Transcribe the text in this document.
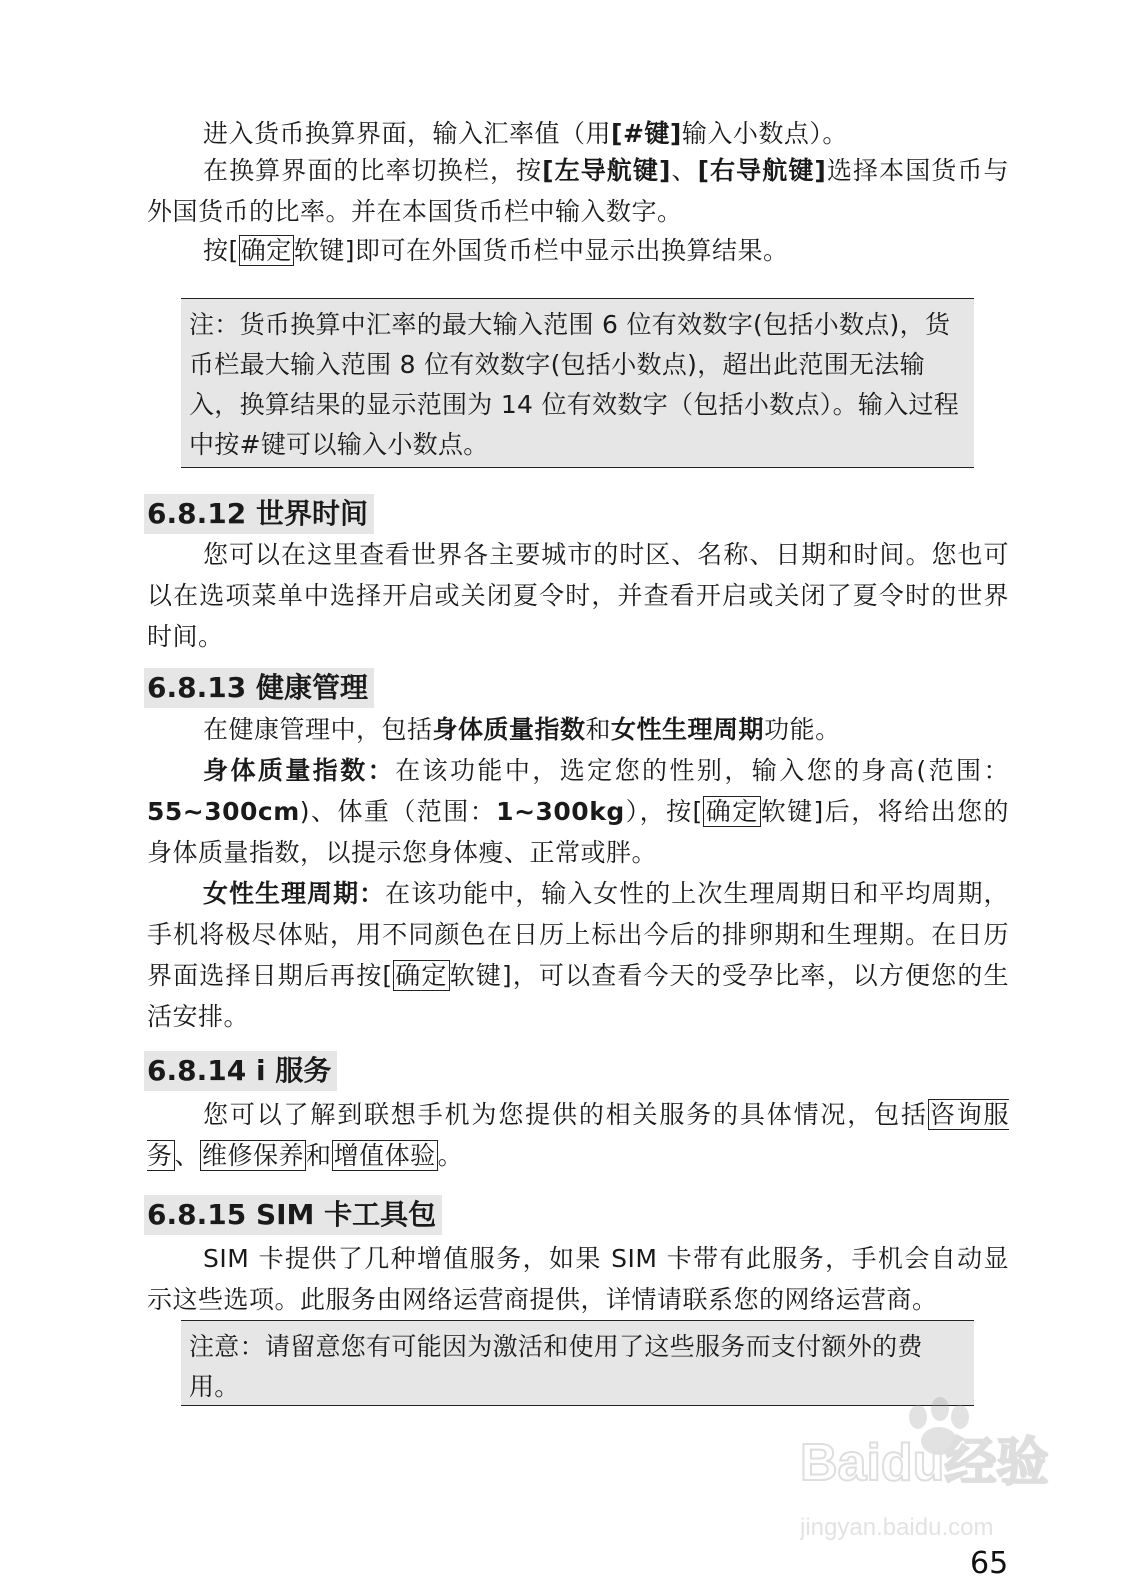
进入货币换算界面，输入汇率值（用[#键]输入小数点）。

在换算界面的比率切换栏，按[左导航键]、[右导航键]选择本国货币与外国货币的比率。并在本国货币栏中输入数字。

按[确定软键]即可在外国货币栏中显示出换算结果。

注：货币换算中汇率的最大输入范围 6 位有效数字(包括小数点)，货币栏最大输入范围 8 位有效数字(包括小数点)，超出此范围无法输入，换算结果的显示范围为 14 位有效数字（包括小数点）。输入过程中按#键可以输入小数点。
6.8.12 世界时间

您可以在这里查看世界各主要城市的时区、名称、日期和时间。您也可以在选项菜单中选择开启或关闭夏令时，并查看开启或关闭了夏令时的世界时间。

6.8.13 健康管理

在健康管理中，包括身体质量指数和女性生理周期功能。

身体质量指数：在该功能中，选定您的性别，输入您的身高(范围：55~300cm)、体重（范围：1~300kg），按[确定软键]后，将给出您的身体质量指数，以提示您身体瘦、正常或胖。

女性生理周期：在该功能中，输入女性的上次生理周期日和平均周期，手机将极尽体贴，用不同颜色在日历上标出今后的排卵期和生理期。在日历界面选择日期后再按[确定软键]，可以查看今天的受孕比率，以方便您的生活安排。

6.8.14 i 服务

您可以了解到联想手机为您提供的相关服务的具体情况，包括咨询服务、维修保养和增值体验。

6.8.15 SIM 卡工具包

SIM 卡提供了几种增值服务，如果 SIM 卡带有此服务，手机会自动显示这些选项。此服务由网络运营商提供，详情请联系您的网络运营商。

注意：请留意您有可能因为激活和使用了这些服务而支付额外的费用。
Baidu经验
jingyan.baidu.com
65
